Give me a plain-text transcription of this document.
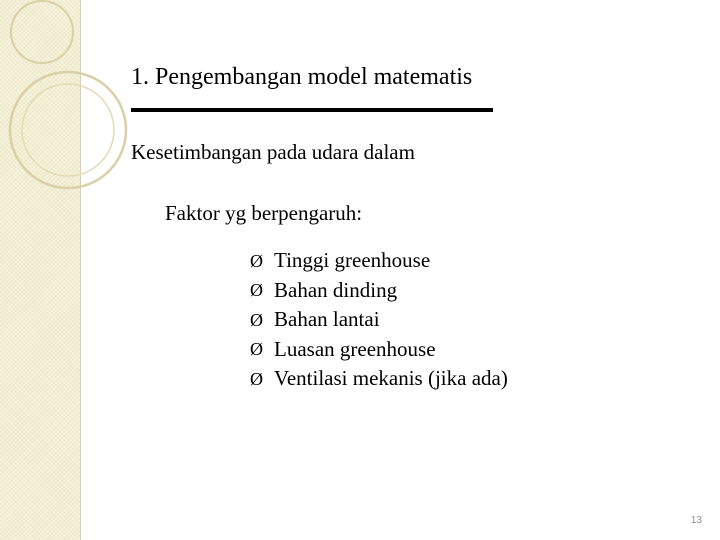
1. Pengembangan model matematis
Kesetimbangan pada udara dalam
Faktor yg berpengaruh:
Ø Tinggi greenhouse
Ø Bahan dinding
Ø Bahan lantai
Ø Luasan greenhouse
Ø Ventilasi mekanis (jika ada)
13
